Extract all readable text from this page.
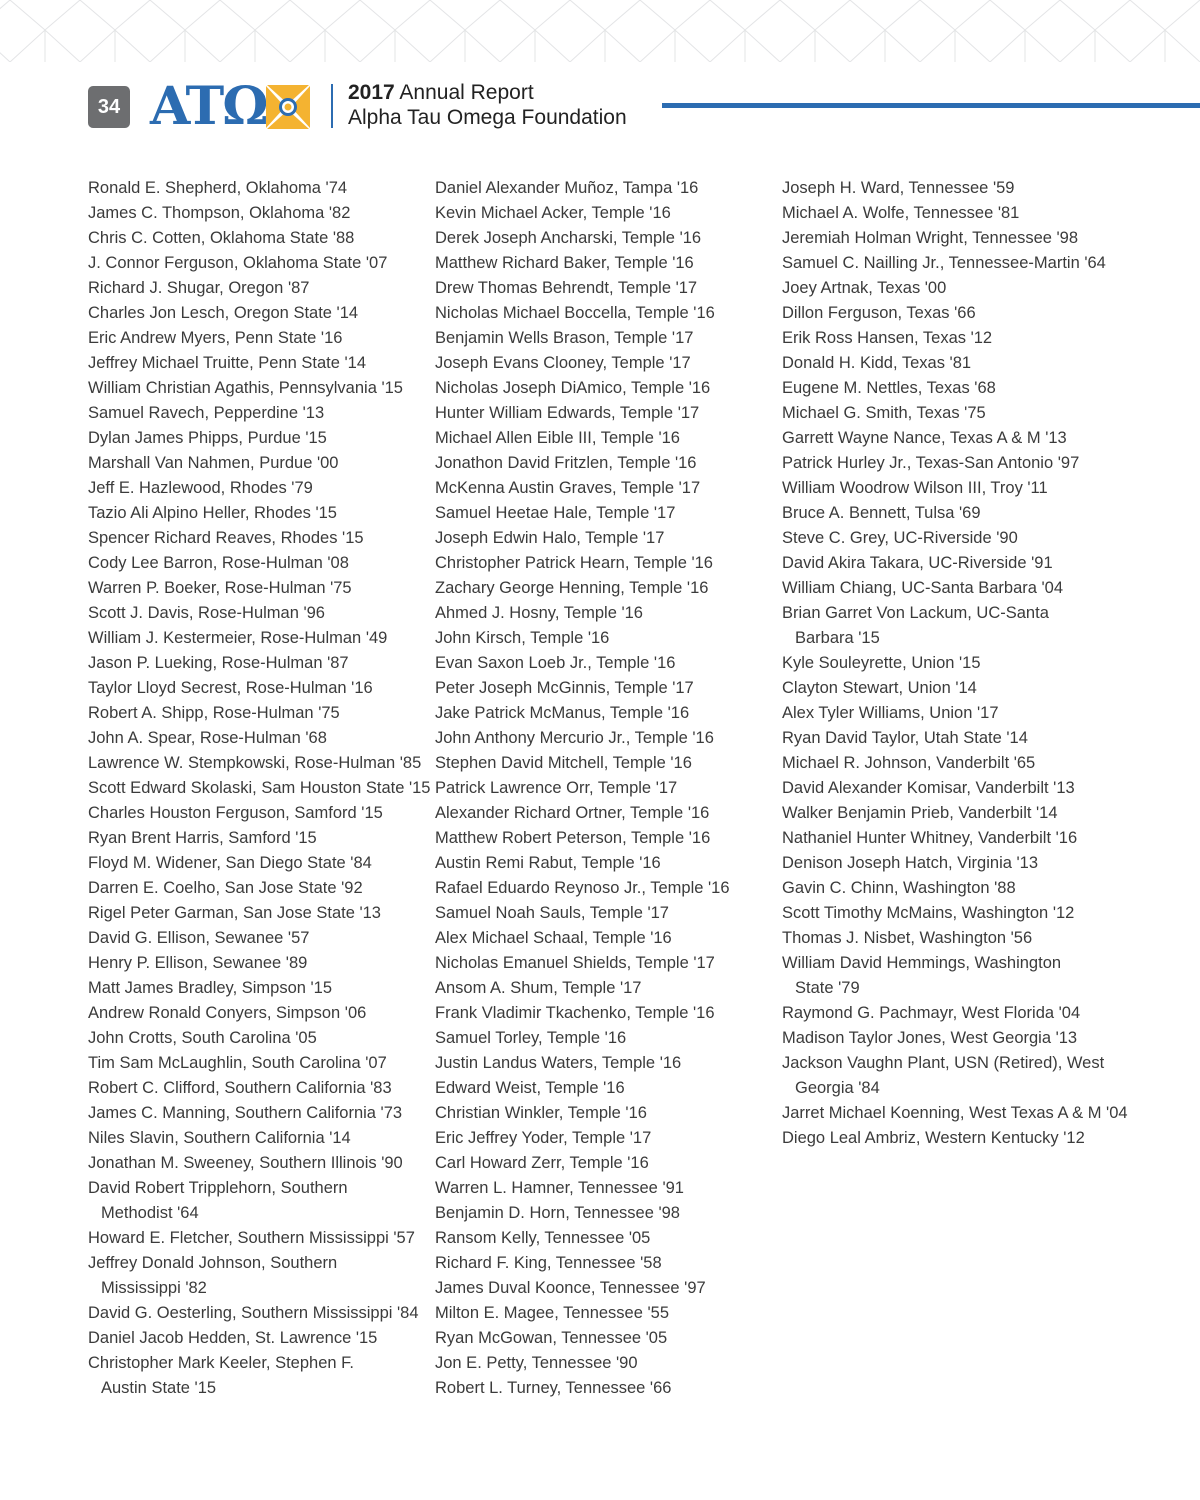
34 ATΩ	2017 Annual Report
Alpha Tau Omega Foundation
Ronald E. Shepherd, Oklahoma '74
James C. Thompson, Oklahoma '82
Chris C. Cotten, Oklahoma State '88
J. Connor Ferguson, Oklahoma State '07
Richard J. Shugar, Oregon '87
Charles Jon Lesch, Oregon State '14
Eric Andrew Myers, Penn State '16
Jeffrey Michael Truitte, Penn State '14
William Christian Agathis, Pennsylvania '15
Samuel Ravech, Pepperdine '13
Dylan James Phipps, Purdue '15
Marshall Van Nahmen, Purdue '00
Jeff E. Hazlewood, Rhodes '79
Tazio Ali Alpino Heller, Rhodes '15
Spencer Richard Reaves, Rhodes '15
Cody Lee Barron, Rose-Hulman '08
Warren P. Boeker, Rose-Hulman '75
Scott J. Davis, Rose-Hulman '96
William J. Kestermeier, Rose-Hulman '49
Jason P. Lueking, Rose-Hulman '87
Taylor Lloyd Secrest, Rose-Hulman '16
Robert A. Shipp, Rose-Hulman '75
John A. Spear, Rose-Hulman '68
Lawrence W. Stempkowski, Rose-Hulman '85
Scott Edward Skolaski, Sam Houston State '15
Charles Houston Ferguson, Samford '15
Ryan Brent Harris, Samford '15
Floyd M. Widener, San Diego State '84
Darren E. Coelho, San Jose State '92
Rigel Peter Garman, San Jose State '13
David G. Ellison, Sewanee '57
Henry P. Ellison, Sewanee '89
Matt James Bradley, Simpson '15
Andrew Ronald Conyers, Simpson '06
John Crotts, South Carolina '05
Tim Sam McLaughlin, South Carolina '07
Robert C. Clifford, Southern California '83
James C. Manning, Southern California '73
Niles Slavin, Southern California '14
Jonathan M. Sweeney, Southern Illinois '90
David Robert Tripplehorn, Southern
Methodist '64
Howard E. Fletcher, Southern Mississippi '57
Jeffrey Donald Johnson, Southern
Mississippi '82
David G. Oesterling, Southern Mississippi '84
Daniel Jacob Hedden, St. Lawrence '15
Christopher Mark Keeler, Stephen F.
Austin State '15
Daniel Alexander Muñoz, Tampa '16
Kevin Michael Acker, Temple '16
Derek Joseph Ancharski, Temple '16
Matthew Richard Baker, Temple '16
Drew Thomas Behrendt, Temple '17
Nicholas Michael Boccella, Temple '16
Benjamin Wells Brason, Temple '17
Joseph Evans Clooney, Temple '17
Nicholas Joseph DiAmico, Temple '16
Hunter William Edwards, Temple '17
Michael Allen Eible III, Temple '16
Jonathon David Fritzlen, Temple '16
McKenna Austin Graves, Temple '17
Samuel Heetae Hale, Temple '17
Joseph Edwin Halo, Temple '17
Christopher Patrick Hearn, Temple '16
Zachary George Henning, Temple '16
Ahmed J. Hosny, Temple '16
John Kirsch, Temple '16
Evan Saxon Loeb Jr., Temple '16
Peter Joseph McGinnis, Temple '17
Jake Patrick McManus, Temple '16
John Anthony Mercurio Jr., Temple '16
Stephen David Mitchell, Temple '16
Patrick Lawrence Orr, Temple '17
Alexander Richard Ortner, Temple '16
Matthew Robert Peterson, Temple '16
Austin Remi Rabut, Temple '16
Rafael Eduardo Reynoso Jr., Temple '16
Samuel Noah Sauls, Temple '17
Alex Michael Schaal, Temple '16
Nicholas Emanuel Shields, Temple '17
Ansom A. Shum, Temple '17
Frank Vladimir Tkachenko, Temple '16
Samuel Torley, Temple '16
Justin Landus Waters, Temple '16
Edward Weist, Temple '16
Christian Winkler, Temple '16
Eric Jeffrey Yoder, Temple '17
Carl Howard Zerr, Temple '16
Warren L. Hamner, Tennessee '91
Benjamin D. Horn, Tennessee '98
Ransom Kelly, Tennessee '05
Richard F. King, Tennessee '58
James Duval Koonce, Tennessee '97
Milton E. Magee, Tennessee '55
Ryan McGowan, Tennessee '05
Jon E. Petty, Tennessee '90
Robert L. Turney, Tennessee '66
Joseph H. Ward, Tennessee '59
Michael A. Wolfe, Tennessee '81
Jeremiah Holman Wright, Tennessee '98
Samuel C. Nailling Jr., Tennessee-Martin '64
Joey Artnak, Texas '00
Dillon Ferguson, Texas '66
Erik Ross Hansen, Texas '12
Donald H. Kidd, Texas '81
Eugene M. Nettles, Texas '68
Michael G. Smith, Texas '75
Garrett Wayne Nance, Texas A & M '13
Patrick Hurley Jr., Texas-San Antonio '97
William Woodrow Wilson III, Troy '11
Bruce A. Bennett, Tulsa '69
Steve C. Grey, UC-Riverside '90
David Akira Takara, UC-Riverside '91
William Chiang, UC-Santa Barbara '04
Brian Garret Von Lackum, UC-Santa
Barbara '15
Kyle Souleyrette, Union '15
Clayton Stewart, Union '14
Alex Tyler Williams, Union '17
Ryan David Taylor, Utah State '14
Michael R. Johnson, Vanderbilt '65
David Alexander Komisar, Vanderbilt '13
Walker Benjamin Prieb, Vanderbilt '14
Nathaniel Hunter Whitney, Vanderbilt '16
Denison Joseph Hatch, Virginia '13
Gavin C. Chinn, Washington '88
Scott Timothy McMains, Washington '12
Thomas J. Nisbet, Washington '56
William David Hemmings, Washington
State '79
Raymond G. Pachmayr, West Florida '04
Madison Taylor Jones, West Georgia '13
Jackson Vaughn Plant, USN (Retired), West
Georgia '84
Jarret Michael Koenning, West Texas A & M '04
Diego Leal Ambriz, Western Kentucky '12
